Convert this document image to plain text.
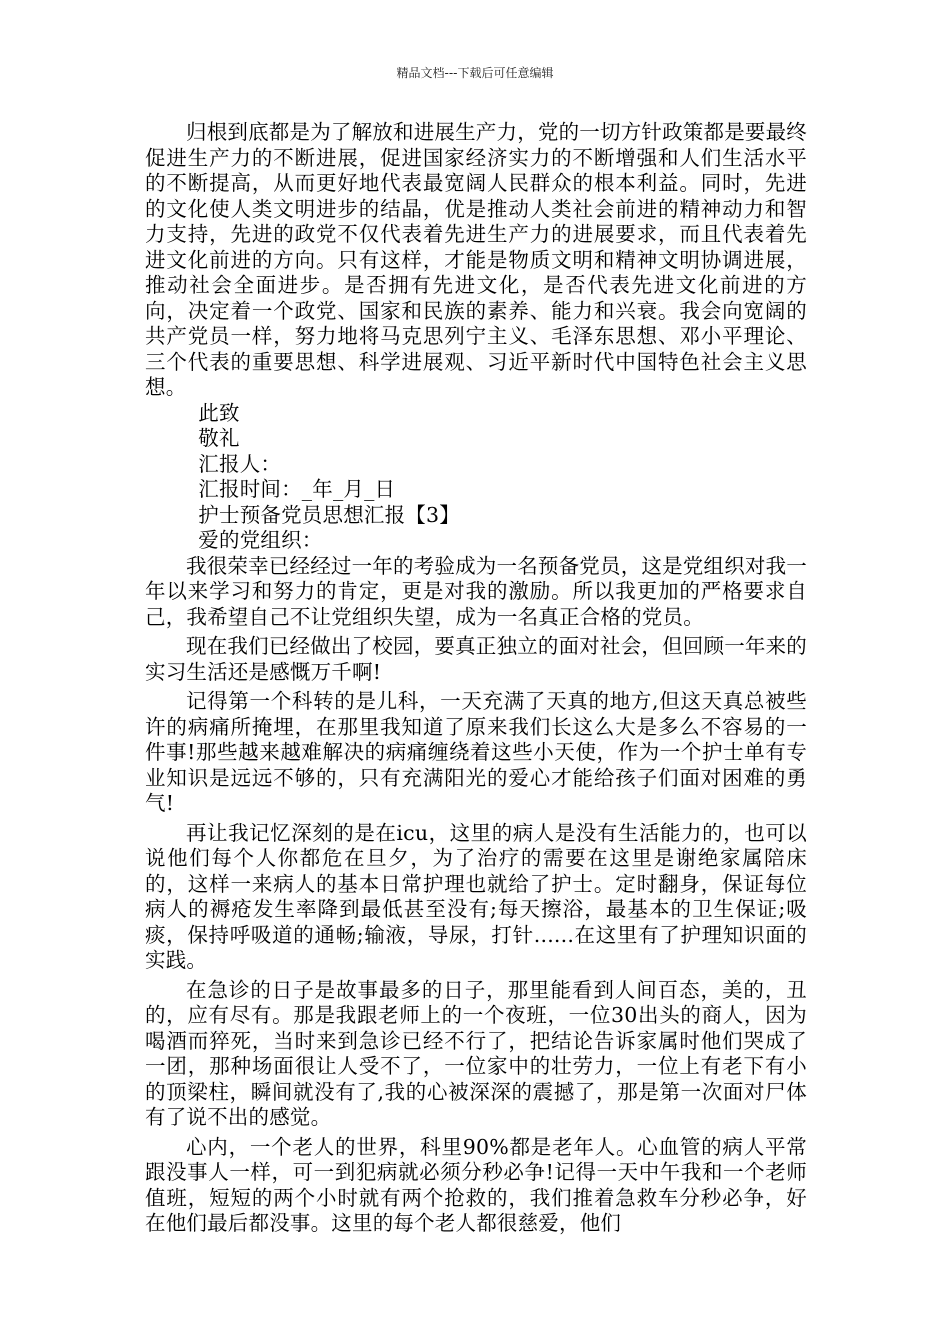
精品文档---下载后可任意编辑

归根到底都是为了解放和进展生产力，党的一切方针政策都是要最终促进生产力的不断进展，促进国家经济实力的不断增强和人们生活水平的不断提高，从而更好地代表最宽阔人民群众的根本利益。同时，先进的文化使人类文明进步的结晶，优是推动人类社会前进的精神动力和智力支持，先进的政党不仅代表着先进生产力的进展要求，而且代表着先进文化前进的方向。只有这样，才能是物质文明和精神文明协调进展，推动社会全面进步。是否拥有先进文化，是否代表先进文化前进的方向，决定着一个政党、国家和民族的素养、能力和兴衰。我会向宽阔的共产党员一样，努力地将马克思列宁主义、毛泽东思想、邓小平理论、三个代表的重要思想、科学进展观、习近平新时代中国特色社会主义思想。

此致

敬礼

汇报人：

汇报时间：_年_月_日

护士预备党员思想汇报【3】

爱的党组织：

我很荣幸已经经过一年的考验成为一名预备党员，这是党组织对我一年以来学习和努力的肯定，更是对我的激励。所以我更加的严格要求自己，我希望自己不让党组织失望，成为一名真正合格的党员。

现在我们已经做出了校园，要真正独立的面对社会，但回顾一年来的实习生活还是感慨万千啊!

记得第一个科转的是儿科，一天充满了天真的地方,但这天真总被些许的病痛所掩埋，在那里我知道了原来我们长这么大是多么不容易的一件事!那些越来越难解决的病痛缠绕着这些小天使，作为一个护士单有专业知识是远远不够的，只有充满阳光的爱心才能给孩子们面对困难的勇气!

再让我记忆深刻的是在icu，这里的病人是没有生活能力的，也可以说他们每个人你都危在旦夕，为了治疗的需要在这里是谢绝家属陪床的，这样一来病人的基本日常护理也就给了护士。定时翻身，保证每位病人的褥疮发生率降到最低甚至没有;每天擦浴，最基本的卫生保证;吸痰，保持呼吸道的通畅;输液，导尿，打针......在这里有了护理知识面的实践。

在急诊的日子是故事最多的日子，那里能看到人间百态，美的，丑的，应有尽有。那是我跟老师上的一个夜班，一位30出头的商人，因为喝酒而猝死，当时来到急诊已经不行了，把结论告诉家属时他们哭成了一团，那种场面很让人受不了，一位家中的壮劳力，一位上有老下有小的顶梁柱，瞬间就没有了,我的心被深深的震撼了，那是第一次面对尸体有了说不出的感觉。

心内，一个老人的世界，科里90%都是老年人。心血管的病人平常跟没事人一样，可一到犯病就必须分秒必争!记得一天中午我和一个老师值班，短短的两个小时就有两个抢救的，我们推着急救车分秒必争，好在他们最后都没事。这里的每个老人都很慈爱，他们
